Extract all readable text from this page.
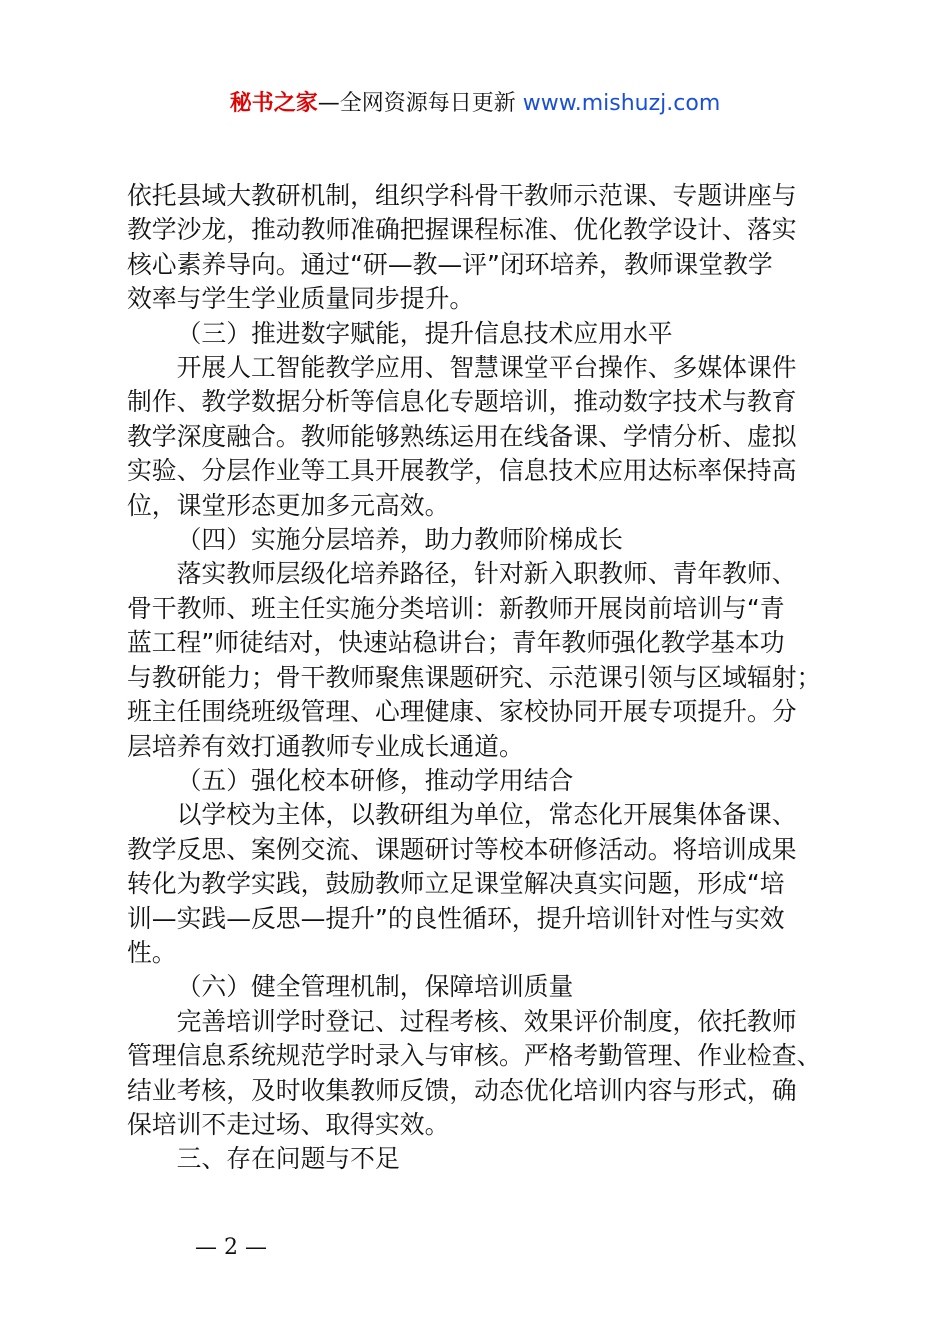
秘书之家—全网资源每日更新 www.mishuzj.com

依托县域大教研机制，组织学科骨干教师示范课、专题讲座与
教学沙龙，推动教师准确把握课程标准、优化教学设计、落实
核心素养导向。通过“研—教—评”闭环培养，教师课堂教学
效率与学生学业质量同步提升。

（三）推进数字赋能，提升信息技术应用水平

开展人工智能教学应用、智慧课堂平台操作、多媒体课件
制作、教学数据分析等信息化专题培训，推动数字技术与教育
教学深度融合。教师能够熟练运用在线备课、学情分析、虚拟
实验、分层作业等工具开展教学，信息技术应用达标率保持高
位，课堂形态更加多元高效。

（四）实施分层培养，助力教师阶梯成长

落实教师层级化培养路径，针对新入职教师、青年教师、
骨干教师、班主任实施分类培训：新教师开展岗前培训与“青
蓝工程”师徒结对，快速站稳讲台；青年教师强化教学基本功
与教研能力；骨干教师聚焦课题研究、示范课引领与区域辐射；
班主任围绕班级管理、心理健康、家校协同开展专项提升。分
层培养有效打通教师专业成长通道。

（五）强化校本研修，推动学用结合

以学校为主体，以教研组为单位，常态化开展集体备课、
教学反思、案例交流、课题研讨等校本研修活动。将培训成果
转化为教学实践，鼓励教师立足课堂解决真实问题，形成“培
训—实践—反思—提升”的良性循环，提升培训针对性与实效
性。

（六）健全管理机制，保障培训质量

完善培训学时登记、过程考核、效果评价制度，依托教师
管理信息系统规范学时录入与审核。严格考勤管理、作业检查、
结业考核，及时收集教师反馈，动态优化培训内容与形式，确
保培训不走过场、取得实效。

三、存在问题与不足

— 2 —
